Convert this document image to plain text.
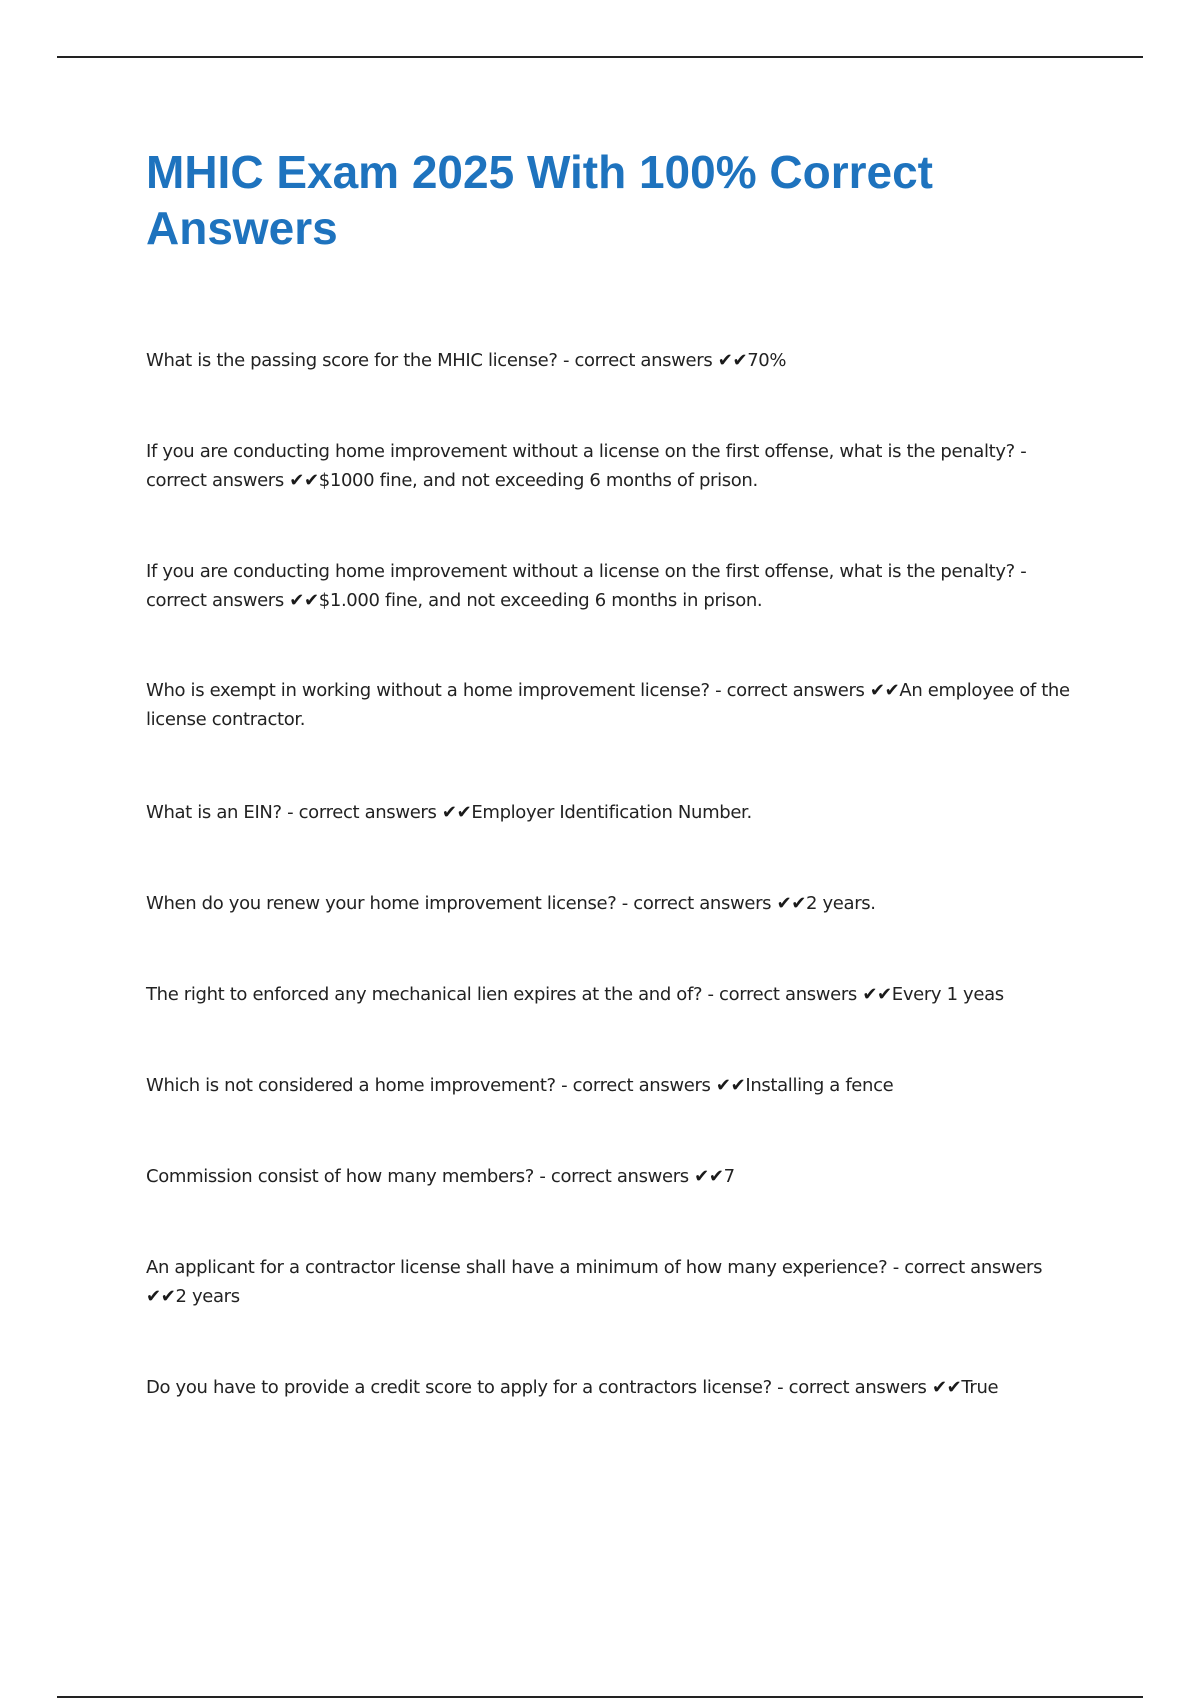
MHIC Exam 2025 With 100% Correct Answers
What is the passing score for the MHIC license? - correct answers ✔✔70%
If you are conducting home improvement without a license on the first offense, what is the penalty? - correct answers ✔✔$1000 fine, and not exceeding 6 months of prison.
If you are conducting home improvement without a license on the first offense, what is the penalty? - correct answers ✔✔$1.000 fine, and not exceeding 6 months in prison.
Who is exempt in working without a home improvement license? - correct answers ✔✔An employee of the license contractor.
What is an EIN? - correct answers ✔✔Employer Identification Number.
When do you renew your home improvement license? - correct answers ✔✔2 years.
The right to enforced any mechanical lien expires at the and of? - correct answers ✔✔Every 1 yeas
Which is not considered a home improvement? - correct answers ✔✔Installing a fence
Commission consist of how many members? - correct answers ✔✔7
An applicant for a contractor license shall have a minimum of how many experience? - correct answers ✔✔2 years
Do you have to provide a credit score to apply for a contractors license? - correct answers ✔✔True
